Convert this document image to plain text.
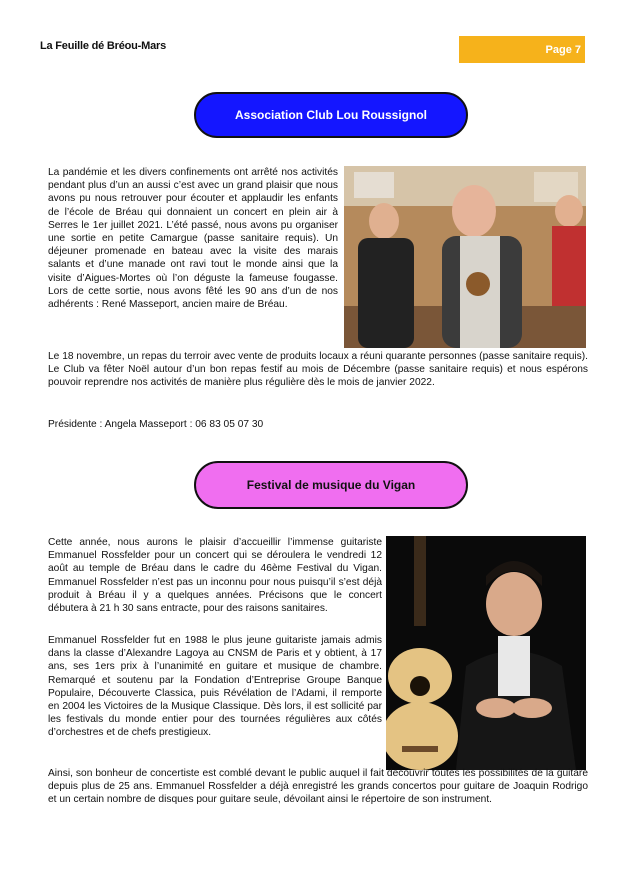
La Feuille dé Bréou-Mars	Page 7
Association Club Lou Roussignol
La pandémie et les divers confinements ont arrêté nos activités pendant plus d’un an aussi c’est avec un grand plaisir que nous avons pu nous retrouver pour écouter et applaudir les enfants de l’école de Bréau qui donnaient un concert en plein air à Serres le 1er juillet 2021. L’été passé, nous avons pu organiser une sortie en petite Camargue (passe sanitaire requis). Un déjeuner promenade en bateau avec la visite des marais salants et d’une manade ont ravi tout le monde ainsi que la visite d’Aigues-Mortes où l’on déguste la fameuse fougasse. Lors de cette sortie, nous avons fêté les 90 ans d’un de nos adhérents : René Masseport, ancien maire de Bréau.
Le 18 novembre, un repas du terroir avec vente de produits locaux a réuni quarante personnes (passe sanitaire requis). Le Club va fêter Noël autour d’un bon repas festif au mois de Décembre (passe sanitaire requis) et nous espérons pouvoir reprendre nos activités de manière plus régulière dès le mois de janvier 2022.
Présidente : Angela Masseport : 06 83 05 07 30
Festival de musique du Vigan
Cette année, nous aurons le plaisir d’accueillir l’immense guitariste Emmanuel Rossfelder pour un concert qui se déroulera le vendredi 12 août au temple de Bréau dans le cadre du 46ème Festival du Vigan. Emmanuel Rossfelder n’est pas un inconnu pour nous puisqu’il s’est déjà produit à Bréau il y a quelques années. Précisons que le concert débutera à 21 h 30 sans entracte, pour des raisons sanitaires.
Emmanuel Rossfelder fut en 1988 le plus jeune guitariste jamais admis dans la classe d’Alexandre Lagoya au CNSM de Paris et y obtient, à 17 ans, ses 1ers prix à l’unanimité en guitare et musique de chambre. Remarqué et soutenu par la Fondation d’Entreprise Groupe Banque Populaire, Découverte Classica, puis Révélation de l’Adami, il remporte en 2004 les Victoires de la Musique Classique. Dès lors, il est sollicité par les festivals du monde entier pour des tournées régulières aux côtés d’orchestres et de chefs prestigieux.
Ainsi, son bonheur de concertiste est comblé devant le public auquel il fait découvrir toutes les possibilités de la guitare depuis plus de 25 ans. Emmanuel Rossfelder a déjà enregistré les grands concertos pour guitare de Joaquin Rodrigo et un certain nombre de disques pour guitare seule, dévoilant ainsi le répertoire de son instrument.
